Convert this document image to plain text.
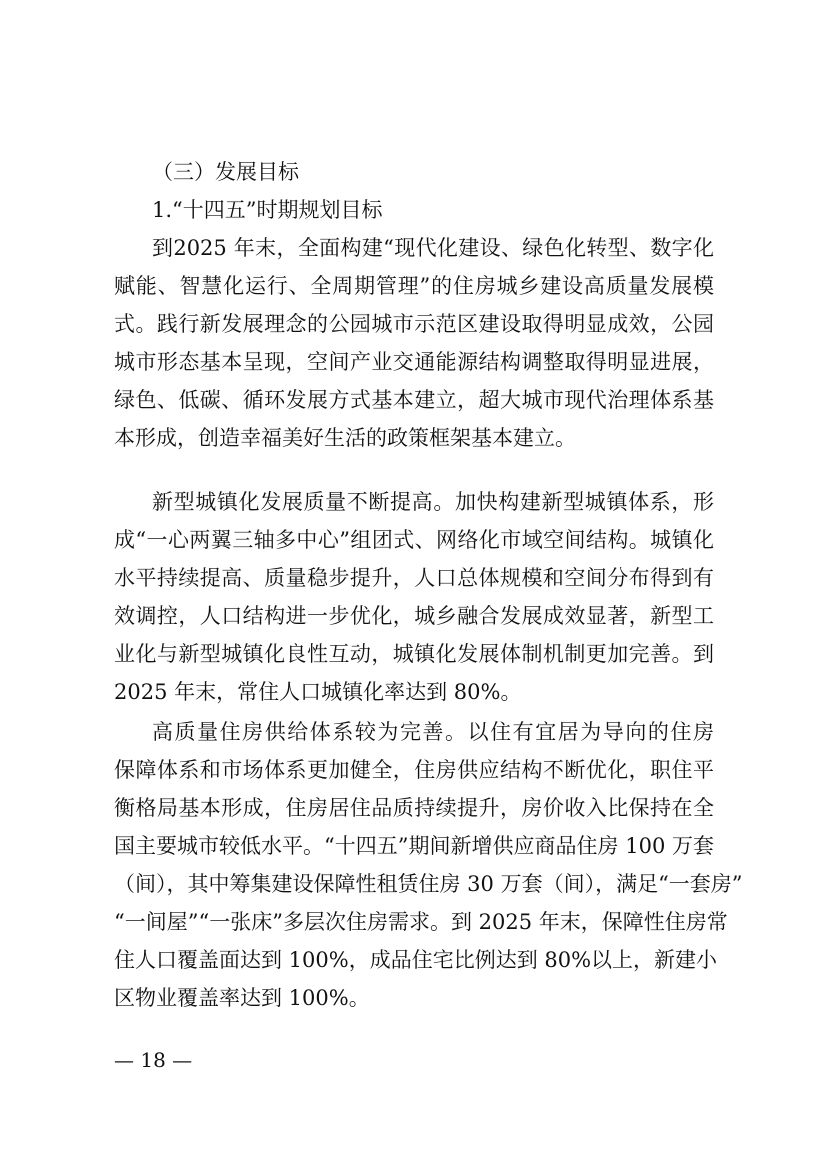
（三）发展目标
1.“十四五”时期规划目标

到2025 年末，全面构建“现代化建设、绿色化转型、数字化

赋能、智慧化运行、全周期管理”的住房城乡建设高质量发展模

式。践行新发展理念的公园城市示范区建设取得明显成效，公园

城市形态基本呈现，空间产业交通能源结构调整取得明显进展，

绿色、低碳、循环发展方式基本建立，超大城市现代治理体系基

本形成，创造幸福美好生活的政策框架基本建立。

新型城镇化发展质量不断提高。加快构建新型城镇体系，形

成“一心两翼三轴多中心”组团式、网络化市域空间结构。城镇化

水平持续提高、质量稳步提升，人口总体规模和空间分布得到有

效调控，人口结构进一步优化，城乡融合发展成效显著，新型工

业化与新型城镇化良性互动，城镇化发展体制机制更加完善。到

2025 年末，常住人口城镇化率达到 80%。

高质量住房供给体系较为完善。以住有宜居为导向的住房

保障体系和市场体系更加健全，住房供应结构不断优化，职住平

衡格局基本形成，住房居住品质持续提升，房价收入比保持在全

国主要城市较低水平。“十四五”期间新增供应商品住房 100 万套

（间），其中筹集建设保障性租赁住房 30 万套（间），满足“一套房”

“一间屋”“一张床”多层次住房需求。到 2025 年末，保障性住房常

住人口覆盖面达到 100%，成品住宅比例达到 80%以上，新建小

区物业覆盖率达到 100%。

— 18 —
